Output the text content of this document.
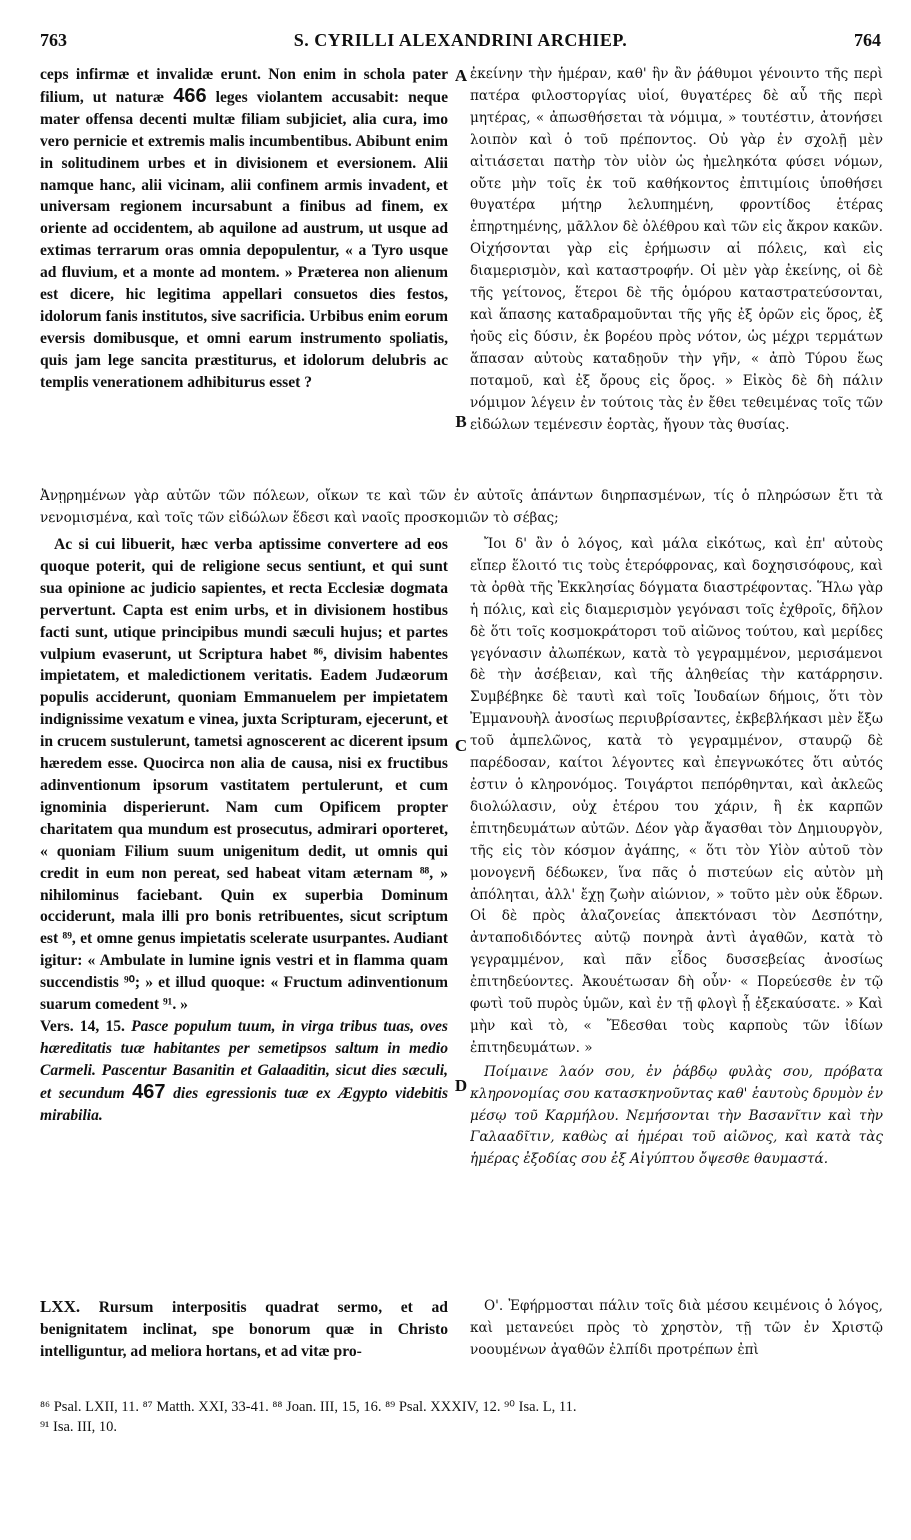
763	S. CYRILLI ALEXANDRINI ARCHIEP.	764
A
B
C
D

ceps infirmæ et invalidæ erunt. Non enim in schola pater filium, ut naturæ 466 leges violantem accusabit: neque mater offensa decenti multæ filiam subjiciet, alia cura, imo vero pernicie et extremis malis incumbentibus. Abibunt enim in solitudinem urbes et in divisionem et eversionem. Alii namque hanc, alii vicinam, alii confinem armis invadent, et universam regionem incursabunt a finibus ad finem, ex oriente ad occidentem, ab aquilone ad austrum, ut usque ad extimas terrarum oras omnia depopulentur, « a Tyro usque ad fluvium, et a monte ad montem. » Præterea non alienum est dicere, hic legitima appellari consuetos dies festos, idolorum fanis institutos, sive sacrificia. Urbibus enim eorum eversis domibusque, et omni earum instrumento spoliatis, quis jam lege sancita præstiturus, et idolorum delubris ac templis venerationem adhibiturus esset ?

ἐκείνην τὴν ἡμέραν, καθ' ἣν ἂν ῥάθυμοι γένοιντο τῆς περὶ πατέρα φιλοστοργίας υἱοί, θυγατέρες δὲ αὖ τῆς περὶ μητέρας, « ἀπωσθήσεται τὰ νόμιμα, » τουτέστιν, ἀτονήσει λοιπὸν καὶ ὁ τοῦ πρέποντος. Οὐ γὰρ ἐν σχολῇ μὲν αἰτιάσεται πατὴρ τὸν υἱὸν ὡς ἠμεληκότα φύσει νόμων, οὔτε μὴν τοῖς ἐκ τοῦ καθήκοντος ἐπιτιμίοις ὑποθήσει θυγατέρα μήτηρ λελυπημένη, φροντίδος ἑτέρας ἐπηρτημένης, μᾶλλον δὲ ὀλέθρου καὶ τῶν εἰς ἄκρον κακῶν. Οἰχήσονται γὰρ εἰς ἐρήμωσιν αἱ πόλεις, καὶ εἰς διαμερισμὸν, καὶ καταστροφήν. Οἱ μὲν γὰρ ἐκείνης, οἱ δὲ τῆς γείτονος, ἕτεροι δὲ τῆς ὁμόρου καταστρατεύσονται, καὶ ἅπασης καταδραμοῦνται τῆς γῆς ἐξ ὁρῶν εἰς ὅρος, ἐξ ἠοῦς εἰς δύσιν, ἐκ βορέου πρὸς νότον, ὡς μέχρι τερμάτων ἅπασαν αὐτοὺς καταδῃοῦν τὴν γῆν, « ἀπὸ Τύρου ἕως ποταμοῦ, καὶ ἐξ ὄρους εἰς ὅρος. » Εἰκὸς δὲ δὴ πάλιν νόμιμον λέγειν ἐν τούτοις τὰς ἐν ἔθει τεθειμένας τοῖς τῶν εἰδώλων τεμένεσιν ἑορτὰς, ἤγουν τὰς θυσίας.

Ἀνῃρημένων γὰρ αὐτῶν τῶν πόλεων, οἴκων τε καὶ τῶν ἐν αὐτοῖς ἁπάντων διηρπασμένων, τίς ὁ πληρώσων ἔτι τὰ νενομισμένα, καὶ τοῖς τῶν εἰδώλων ἕδεσι καὶ ναοῖς προσκομιῶν τὸ σέβας;

Ac si cui libuerit, hæc verba aptissime convertere ad eos quoque poterit, qui de religione secus sentiunt, et qui sunt sua opinione ac judicio sapientes, et recta Ecclesiæ dogmata pervertunt. Capta est enim urbs, et in divisionem hostibus facti sunt, utique principibus mundi sæculi hujus; et partes vulpium evaserunt, ut Scriptura habet ⁸⁶, divisim habentes impietatem, et maledictionem veritatis. Eadem Judæorum populis acciderunt, quoniam Emmanuelem per impietatem indignissime vexatum e vinea, juxta Scripturam, ejecerunt, et in crucem sustulerunt, tametsi agnoscerent ac dicerent ipsum hæredem esse. Quocirca non alia de causa, nisi ex fructibus adinventionum ipsorum vastitatem pertulerunt, et cum ignominia disperierunt. Nam cum Opificem propter charitatem qua mundum est prosecutus, admirari oporteret, « quoniam Filium suum unigenitum dedit, ut omnis qui credit in eum non pereat, sed habeat vitam æternam ⁸⁸, » nihilominus faciebant. Quin ex superbia Dominum occiderunt, mala illi pro bonis retribuentes, sicut scriptum est ⁸⁹, et omne genus impietatis scelerate usurpantes. Audiant igitur: « Ambulate in lumine ignis vestri et in flamma quam succendistis ⁹⁰; » et illud quoque: « Fructum adinventionum suarum comedent ⁹¹. »

Vers. 14, 15. Pasce populum tuum, in virga tribus tuas, oves hæreditatis tuæ habitantes per semetipsos saltum in medio Carmeli. Pascentur Basanitin et Galaaditin, sicut dies sæculi, et secundum 467 dies egressionis tuæ ex Ægypto videbitis mirabilia.

Ἴοι δ' ἂν ὁ λόγος, καὶ μάλα εἰκότως, καὶ ἐπ' αὐτοὺς εἴπερ ἕλοιτό τις τοὺς ἑτερόφρονας, καὶ δοχησισόφους, καὶ τὰ ὀρθὰ τῆς Ἐκκλησίας δόγματα διαστρέφοντας. Ἥλω γὰρ ἡ πόλις, καὶ εἰς διαμερισμὸν γεγόνασι τοῖς ἐχθροῖς, δῆλον δὲ ὅτι τοῖς κοσμοκράτορσι τοῦ αἰῶνος τούτου, καὶ μερίδες γεγόνασιν ἀλωπέκων, κατὰ τὸ γεγραμμένον, μερισάμενοι δὲ τὴν ἀσέβειαν, καὶ τῆς ἀληθείας τὴν κατάρρησιν. Συμβέβηκε δὲ ταυτὶ καὶ τοῖς Ἰουδαίων δήμοις, ὅτι τὸν Ἐμμανουὴλ ἀνοσίως περιυβρίσαντες, ἐκβεβλήκασι μὲν ἔξω τοῦ ἀμπελῶνος, κατὰ τὸ γεγραμμένον, σταυρῷ δὲ παρέδοσαν, καίτοι λέγοντες καὶ ἐπεγνωκότες ὅτι αὐτός ἐστιν ὁ κληρονόμος. Τοιγάρτοι πεπόρθηνται, καὶ ἀκλεῶς διολώλασιν, οὐχ ἑτέρου του χάριν, ἢ ἐκ καρπῶν ἐπιτηδευμάτων αὐτῶν. Δέον γὰρ ἄγασθαι τὸν Δημιουργὸν, τῆς εἰς τὸν κόσμον ἀγάπης, « ὅτι τὸν Υἱὸν αὐτοῦ τὸν μονογενῆ δέδωκεν, ἵνα πᾶς ὁ πιστεύων εἰς αὐτὸν μὴ ἀπόληται, ἀλλ' ἔχῃ ζωὴν αἰώνιον, » τοῦτο μὲν οὐκ ἔδρων. Οἱ δὲ πρὸς ἀλαζονείας ἀπεκτόνασι τὸν Δεσπότην, ἀνταποδιδόντες αὐτῷ πονηρὰ ἀντὶ ἀγαθῶν, κατὰ τὸ γεγραμμένον, καὶ πᾶν εἶδος δυσσεβείας ἀνοσίως ἐπιτηδεύοντες. Ἀκουέτωσαν δὴ οὖν· « Πορεύεσθε ἐν τῷ φωτὶ τοῦ πυρὸς ὑμῶν, καὶ ἐν τῇ φλογὶ ᾗ ἐξεκαύσατε. » Καὶ μὴν καὶ τὸ, « Ἔδεσθαι τοὺς καρποὺς τῶν ἰδίων ἐπιτηδευμάτων. »

Ποίμαινε λαόν σου, ἐν ῥάβδῳ φυλὰς σου, πρόβατα κληρονομίας σου κατασκηνοῦντας καθ' ἑαυτοὺς δρυμὸν ἐν μέσῳ τοῦ Καρμήλου. Νεμήσονται τὴν Βασανῖτιν καὶ τὴν Γαλααδῖτιν, καθὼς αἱ ἡμέραι τοῦ αἰῶνος, καὶ κατὰ τὰς ἡμέρας ἐξοδίας σου ἐξ Αἰγύπτου ὄψεσθε θαυμαστά.

LXX. Rursum interpositis quadrat sermo, et ad benignitatem inclinat, spe bonorum quæ in Christo intelliguntur, ad meliora hortans, et ad vitæ pro-

Ο'. Ἐφήρμοσται πάλιν τοῖς διὰ μέσου κειμένοις ὁ λόγος, καὶ μετανεύει πρὸς τὸ χρηστὸν, τῇ τῶν ἐν Χριστῷ νοουμένων ἀγαθῶν ἐλπίδι προτρέπων ἐπὶ

⁸⁶ Psal. LXII, 11. ⁸⁷ Matth. XXI, 33-41. ⁸⁸ Joan. III, 15, 16. ⁸⁹ Psal. XXXIV, 12. ⁹⁰ Isa. L, 11.
⁹¹ Isa. III, 10.
